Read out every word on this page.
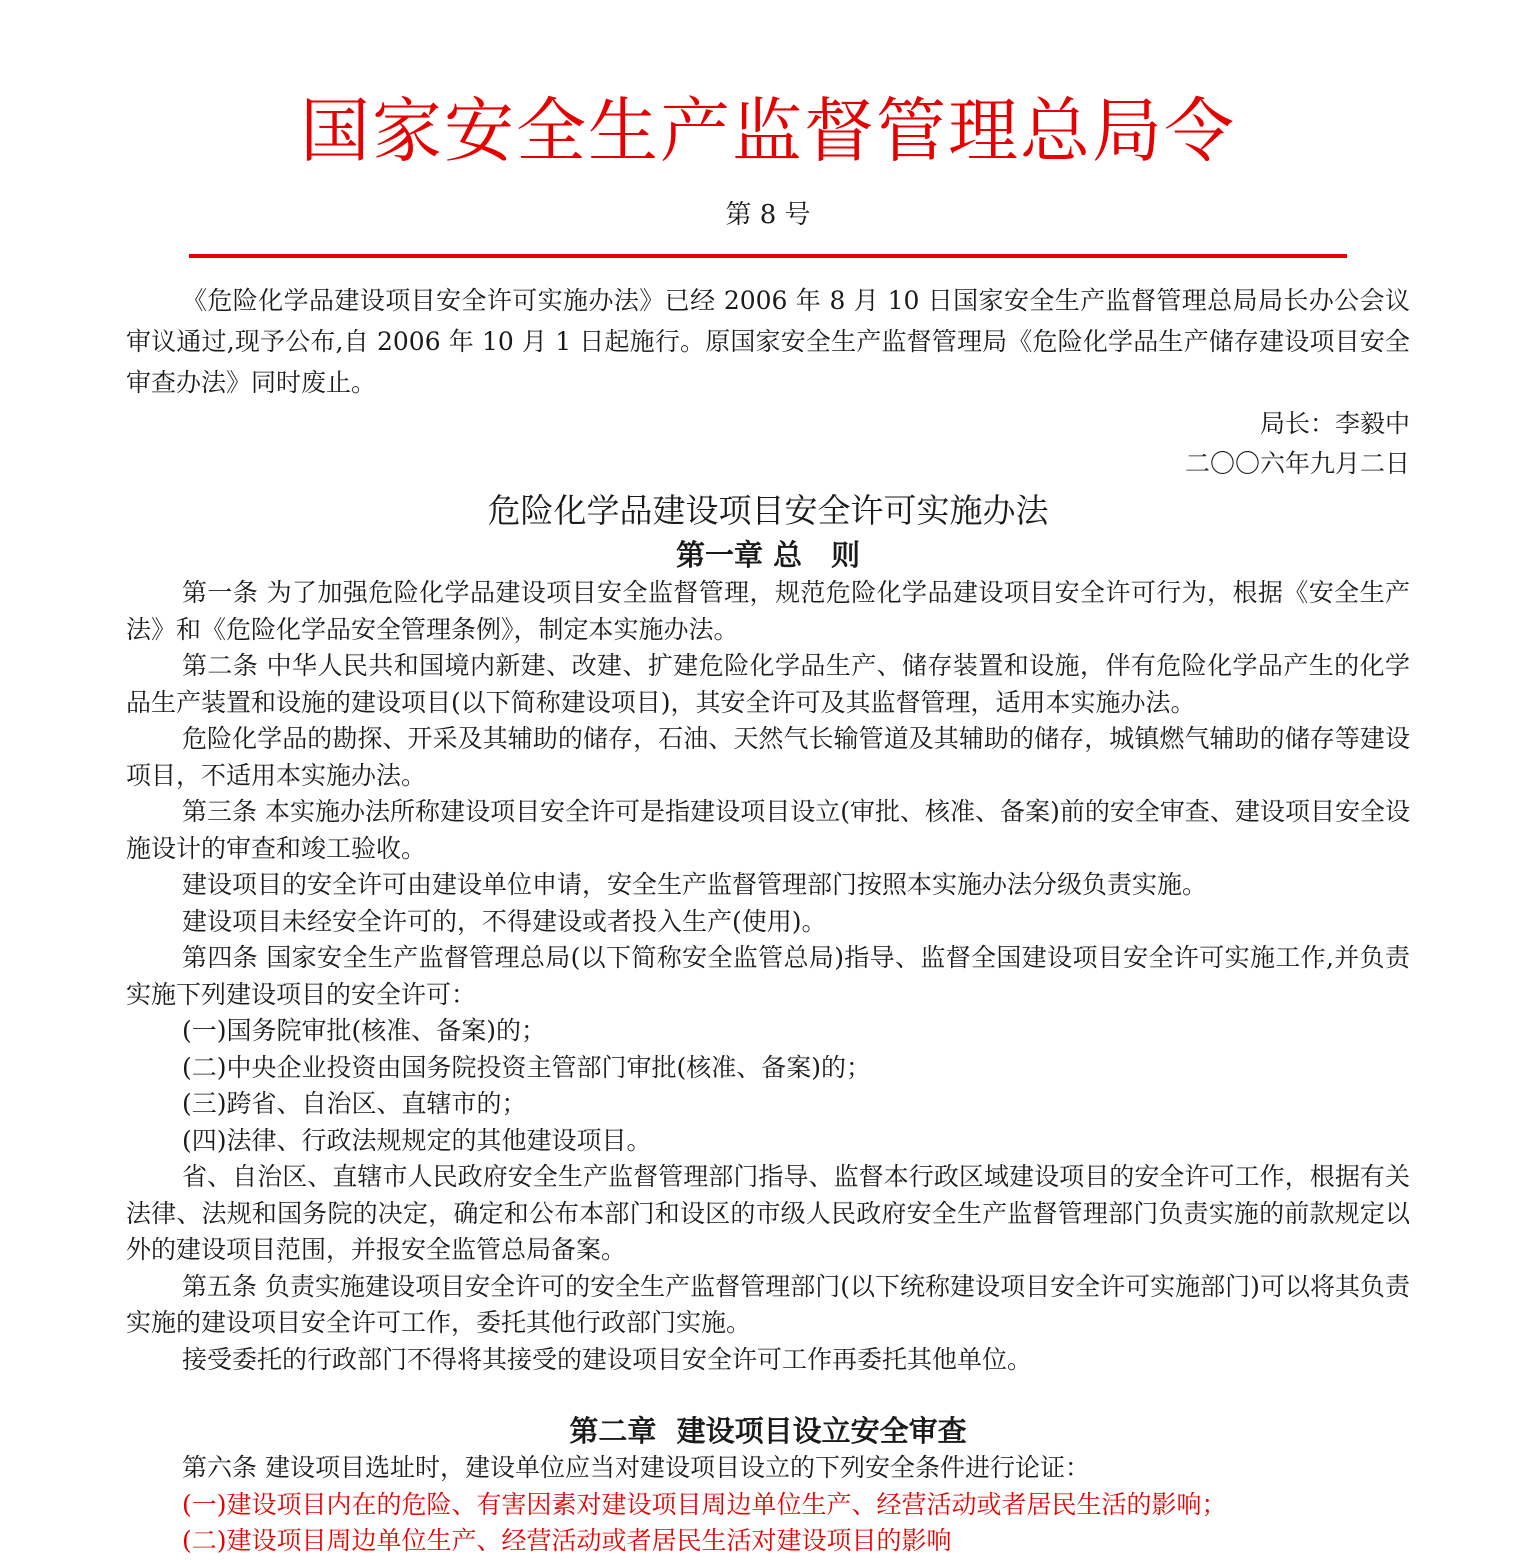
国家安全生产监督管理总局令
第 8 号
《危险化学品建设项目安全许可实施办法》已经 2006 年 8 月 10 日国家安全生产监督管理总局局长办公会议审议通过,现予公布,自 2006 年 10 月 1 日起施行。原国家安全生产监督管理局《危险化学品生产储存建设项目安全审查办法》同时废止。
局长：李毅中
二〇〇六年九月二日
危险化学品建设项目安全许可实施办法
第一章 总　则

第一条 为了加强危险化学品建设项目安全监督管理，规范危险化学品建设项目安全许可行为，根据《安全生产法》和《危险化学品安全管理条例》，制定本实施办法。

第二条 中华人民共和国境内新建、改建、扩建危险化学品生产、储存装置和设施，伴有危险化学品产生的化学品生产装置和设施的建设项目(以下简称建设项目)，其安全许可及其监督管理，适用本实施办法。

危险化学品的勘探、开采及其辅助的储存，石油、天然气长输管道及其辅助的储存，城镇燃气辅助的储存等建设项目，不适用本实施办法。

第三条 本实施办法所称建设项目安全许可是指建设项目设立(审批、核准、备案)前的安全审查、建设项目安全设施设计的审查和竣工验收。

建设项目的安全许可由建设单位申请，安全生产监督管理部门按照本实施办法分级负责实施。

建设项目未经安全许可的，不得建设或者投入生产(使用)。

第四条 国家安全生产监督管理总局(以下简称安全监管总局)指导、监督全国建设项目安全许可实施工作,并负责实施下列建设项目的安全许可：

(一)国务院审批(核准、备案)的；

(二)中央企业投资由国务院投资主管部门审批(核准、备案)的；

(三)跨省、自治区、直辖市的；

(四)法律、行政法规规定的其他建设项目。

省、自治区、直辖市人民政府安全生产监督管理部门指导、监督本行政区域建设项目的安全许可工作，根据有关法律、法规和国务院的决定，确定和公布本部门和设区的市级人民政府安全生产监督管理部门负责实施的前款规定以外的建设项目范围，并报安全监管总局备案。

第五条 负责实施建设项目安全许可的安全生产监督管理部门(以下统称建设项目安全许可实施部门)可以将其负责实施的建设项目安全许可工作，委托其他行政部门实施。

接受委托的行政部门不得将其接受的建设项目安全许可工作再委托其他单位。

第二章  建设项目设立安全审查

第六条 建设项目选址时，建设单位应当对建设项目设立的下列安全条件进行论证：

(一)建设项目内在的危险、有害因素对建设项目周边单位生产、经营活动或者居民生活的影响；

(二)建设项目周边单位生产、经营活动或者居民生活对建设项目的影响
